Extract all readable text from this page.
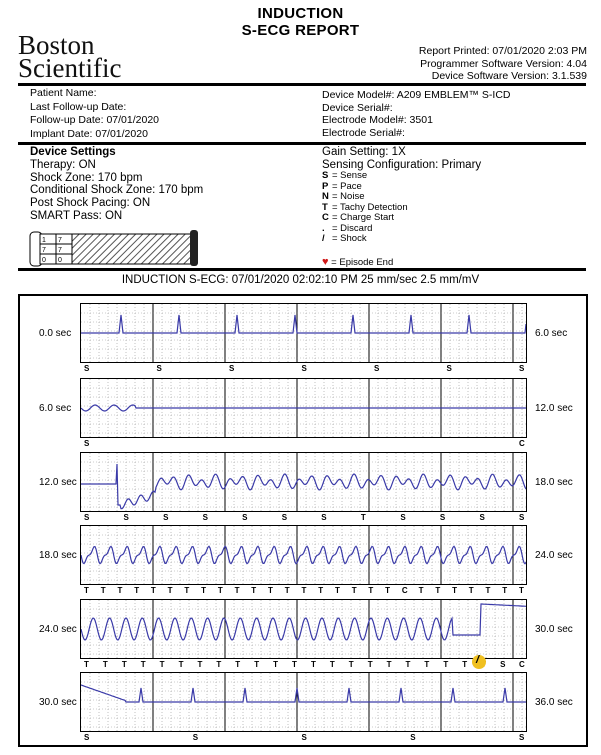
INDUCTION
S-ECG REPORT
Boston
Scientific
Report Printed: 07/01/2020 2:03 PM
Programmer Software Version: 4.04
Device Software Version: 3.1.539
Patient Name:
Last Follow-up Date:
Follow-up Date: 07/01/2020
Implant Date: 07/01/2020
Device Model#: A209 EMBLEM™ S-ICD
Device Serial#:
Electrode Model#: 3501
Electrode Serial#:
Device Settings
Therapy: ON
Shock Zone: 170 bpm
Conditional Shock Zone: 170 bpm
Post Shock Pacing: ON
SMART Pass: ON
1
7
0
7
7
0
Gain Setting: 1X
Sensing Configuration: Primary
S = Sense
P = Pace
N = Noise
T = Tachy Detection
C = Charge Start
. = Discard
/ = Shock
♥ = Episode End
INDUCTION S-ECG: 07/01/2020 02:02:10 PM 25 mm/sec 2.5 mm/mV
0.0 sec	6.0 sec
S	S	S	S	S	S	S
6.0 sec	12.0 sec
S	C
12.0 sec	18.0 sec
S	S	S	S	S	S	S	T	S	S	S	S
18.0 sec	24.0 sec
T T T T T T T T T T T T T T T T T T T C T T T T T T T
24.0 sec	30.0 sec
T T T T T T T T T T T T T T T T T T T T T	S C
30.0 sec	36.0 sec
S	S	S	S	S
/
